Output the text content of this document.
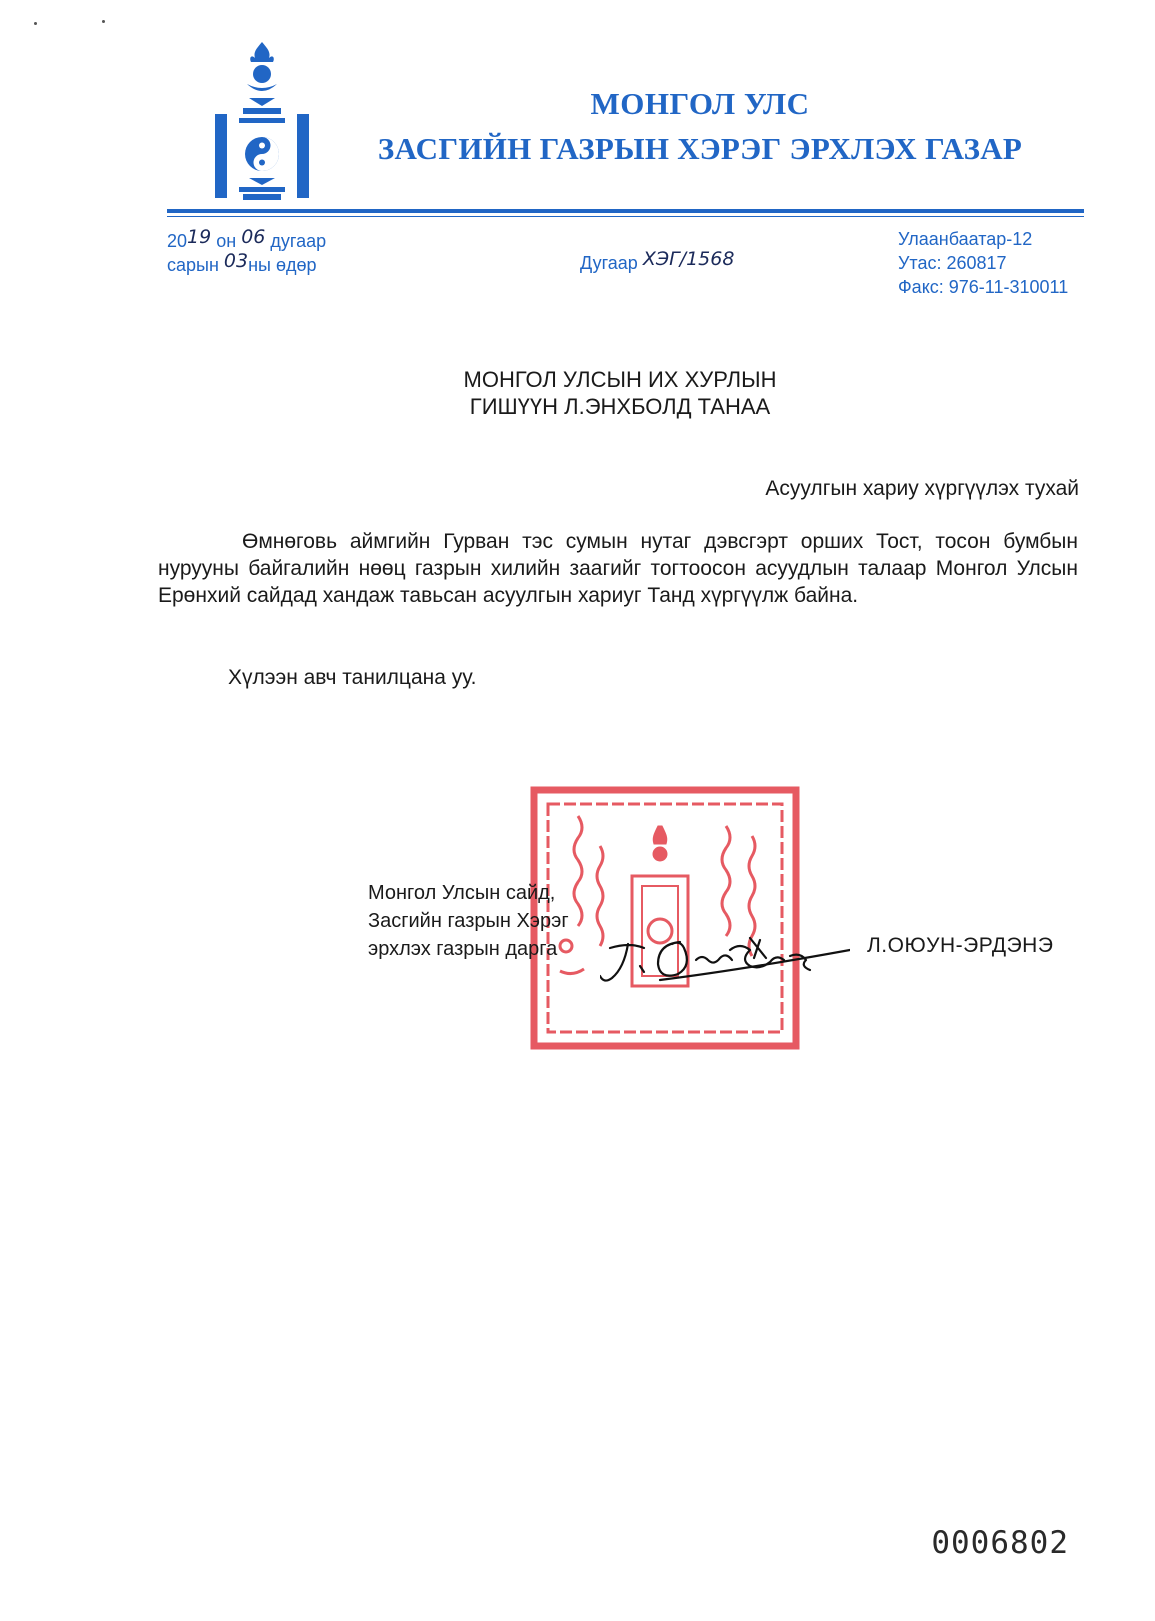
МОНГОЛ УЛС
ЗАСГИЙН ГАЗРЫН ХЭРЭГ ЭРХЛЭХ ГАЗАР
2019 он 06 дугаар
сарын 03ны өдөр	Дугаар ХЭГ/1568
Улаанбаатар-12
Утас: 260817
Факс: 976-11-310011
МОНГОЛ УЛСЫН ИХ ХУРЛЫН
ГИШҮҮН Л.ЭНХБОЛД ТАНАА
Асуулгын хариу хүргүүлэх тухай
Өмнөговь аймгийн Гурван тэс сумын нутаг дэвсгэрт орших Тост, тосон бумбын нурууны байгалийн нөөц газрын хилийн заагийг тогтоосон асуудлын талаар Монгол Улсын Ерөнхий сайдад хандаж тавьсан асуулгын хариуг Танд хүргүүлж байна.
Хүлээн авч танилцана уу.
Монгол Улсын сайд,
Засгийн газрын Хэрэг
эрхлэх газрын дарга	Л.ОЮУН-ЭРДЭНЭ
0006802
